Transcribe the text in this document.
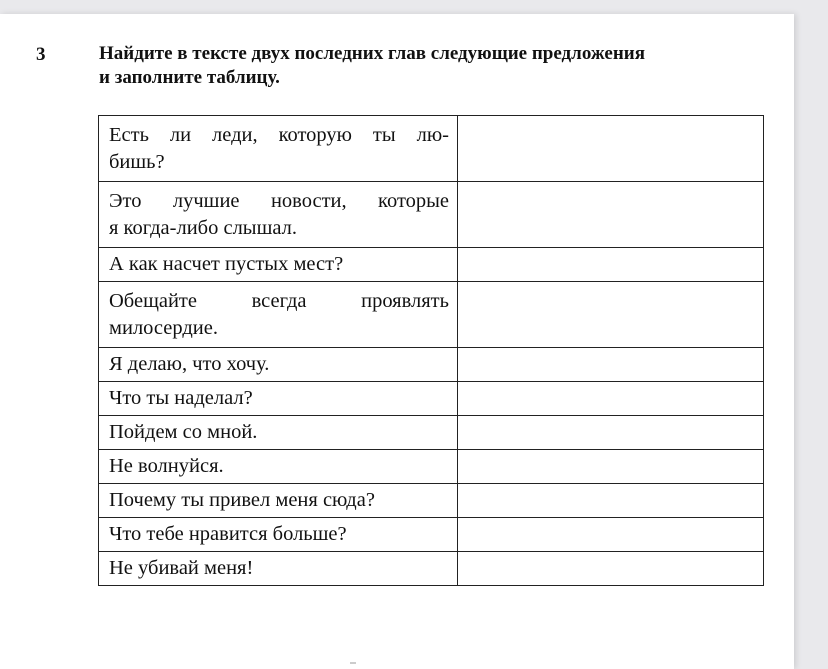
3	Найдите в тексте двух последних глав следующие предложения
и заполните таблицу.
Есть ли леди, которую ты лю-
бишь?	

Это лучшие новости, которые
я когда-либо слышал.	
А как насчет пустых мест?	

Обещайте всегда проявлять
милосердие.	
Я делаю, что хочу.	
Что ты наделал?	
Пойдем со мной.	
Не волнуйся.	
Почему ты привел меня сюда?	
Что тебе нравится больше?	
Не убивай меня!	
